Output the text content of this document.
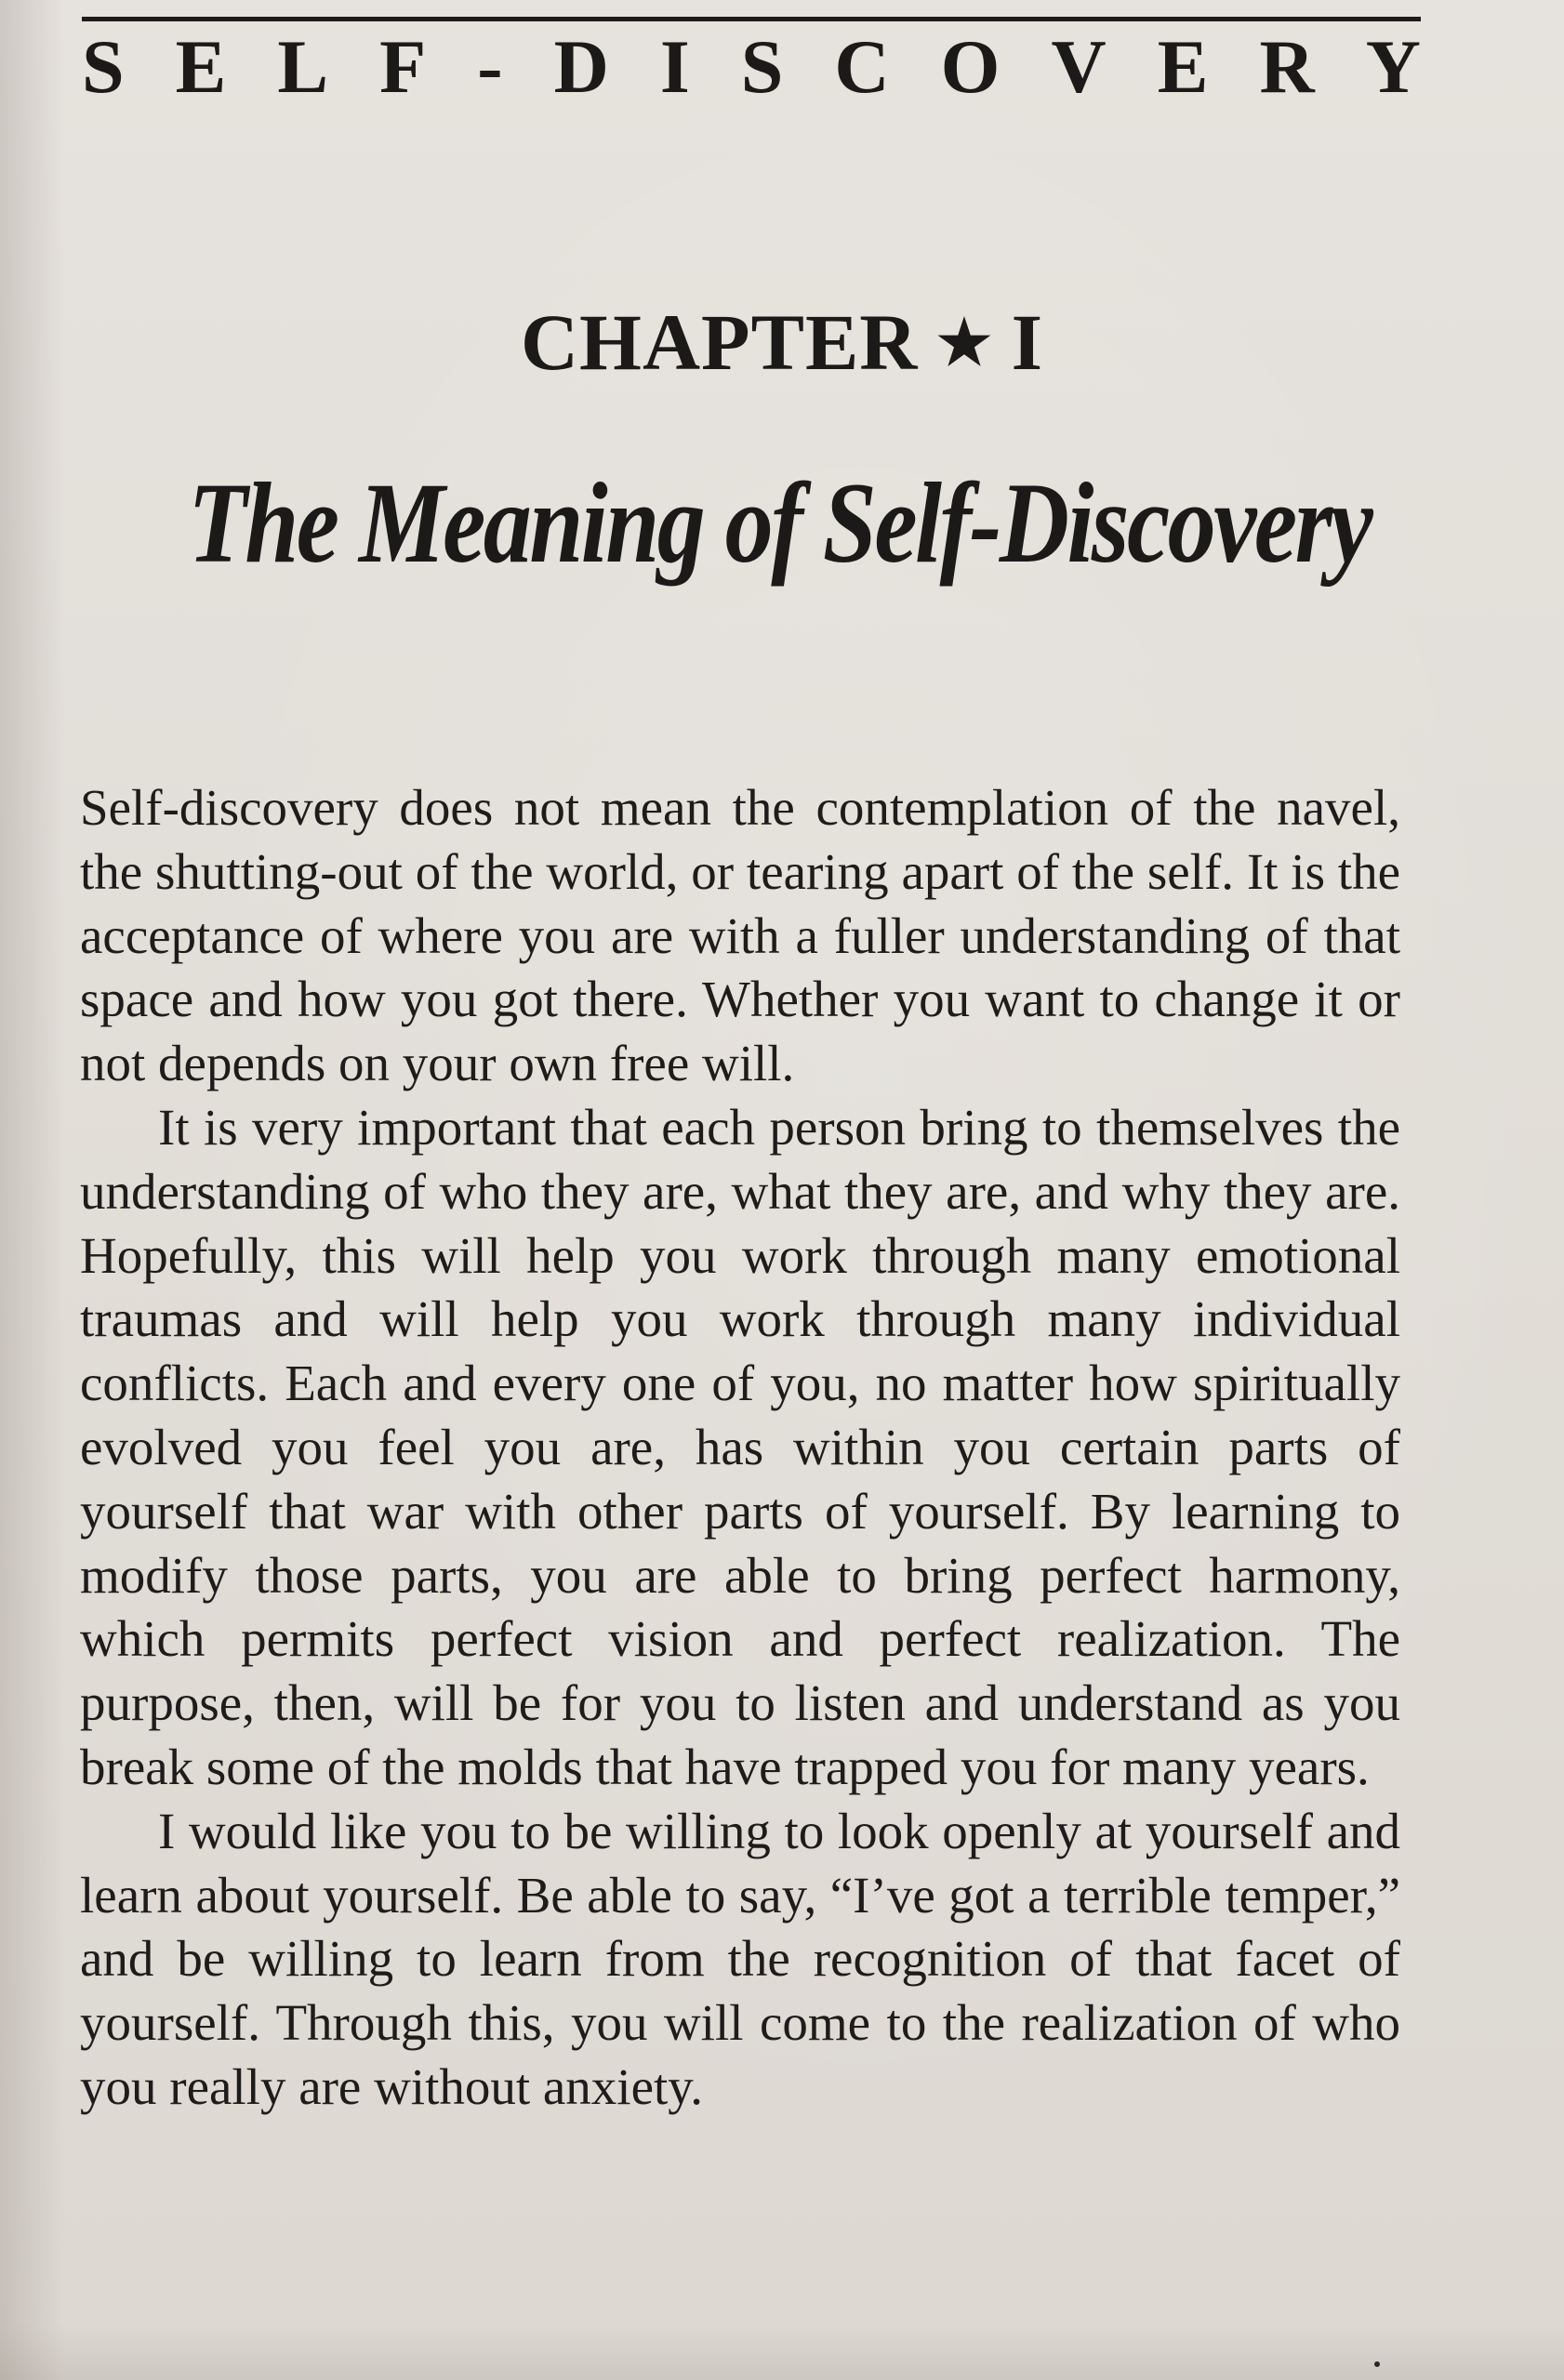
S E L F - D I S C O V E R Y
CHAPTER ★ I
The Meaning of Self-Discovery

Self-discovery does not mean the contemplation of the navel, the shutting-out of the world, or tearing apart of the self. It is the acceptance of where you are with a fuller understanding of that space and how you got there. Whether you want to change it or not depends on your own free will.

It is very important that each person bring to themselves the understanding of who they are, what they are, and why they are. Hopefully, this will help you work through many emotional traumas and will help you work through many individual conflicts. Each and every one of you, no matter how spiritually evolved you feel you are, has within you certain parts of yourself that war with other parts of yourself. By learning to modify those parts, you are able to bring perfect harmony, which permits perfect vision and perfect realization. The purpose, then, will be for you to listen and understand as you break some of the molds that have trapped you for many years.

I would like you to be willing to look openly at yourself and learn about yourself. Be able to say, “I’ve got a terrible temper,” and be willing to learn from the recognition of that facet of yourself. Through this, you will come to the realization of who you really are without anxiety.
